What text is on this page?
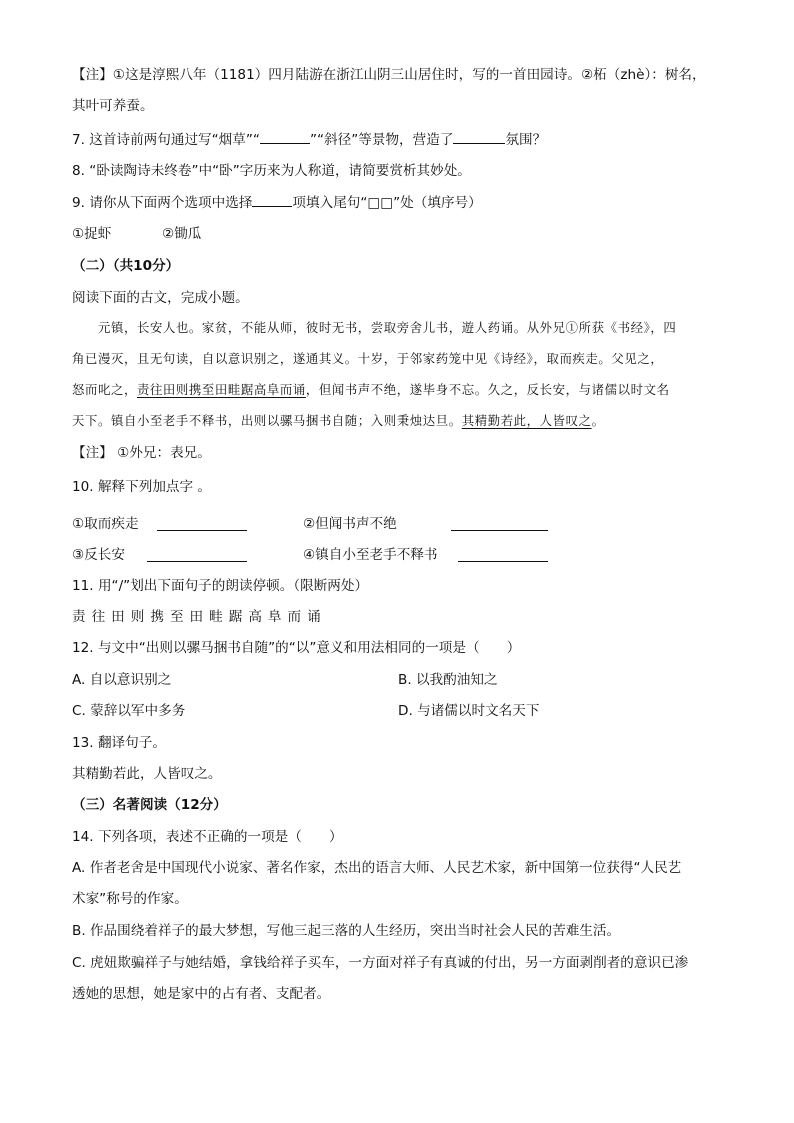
【注】①这是淳熙八年（1181）四月陆游在浙江山阴三山居住时，写的一首田园诗。②柘（zhè）：树名，
其叶可养蚕。
7. 这首诗前两句通过写“烟草”“	”“斜径”等景物，营造了	氛围？
8. “卧读陶诗未终卷”中“卧”字历来为人称道，请简要赏析其妙处。
9. 请你从下面两个选项中选择	项填入尾句“□□”处（填序号）
①捉虾	②锄瓜
（二）（共10分）
阅读下面的古文，完成小题。
元镇，长安人也。家贫，不能从师，彼时无书，尝取旁舍儿书，遊人药诵。从外兄①所获《书经》，四
角已漫灭，且无句读，自以意识别之，遂通其义。十岁，于邻家药笼中见《诗经》，取而疾走。父见之，
怒而叱之，责往田则携至田畦踞高阜而诵，但闻书声不绝，遂毕身不忘。久之，反长安，与诸儒以时文名
天下。镇自小至老手不释书，出则以骡马捆书自随；入则秉烛达旦。其精勤若此，人皆叹之。
【注】 ①外兄：表兄。
10. 解释下列加点字 。
①取而疾走	②但闻书声不绝
③反长安	④镇自小至老手不释书
11. 用“/”划出下面句子的朗读停顿。（限断两处）
责往田则携至田畦踞高阜而诵
12. 与文中“出则以骡马捆书自随”的“以”意义和用法相同的一项是（　　）
A. 自以意识别之	B. 以我酌油知之
C. 蒙辞以军中多务	D. 与诸儒以时文名天下
13. 翻译句子。
其精勤若此，人皆叹之。
（三）名著阅读（12分）
14. 下列各项，表述不正确的一项是（　　）
A. 作者老舍是中国现代小说家、著名作家，杰出的语言大师、人民艺术家，新中国第一位获得“人民艺
术家”称号的作家。
B. 作品围绕着祥子的最大梦想，写他三起三落的人生经历，突出当时社会人民的苦难生活。
C. 虎妞欺骗祥子与她结婚，拿钱给祥子买车，一方面对祥子有真诚的付出，另一方面剥削者的意识已渗
透她的思想，她是家中的占有者、支配者。
